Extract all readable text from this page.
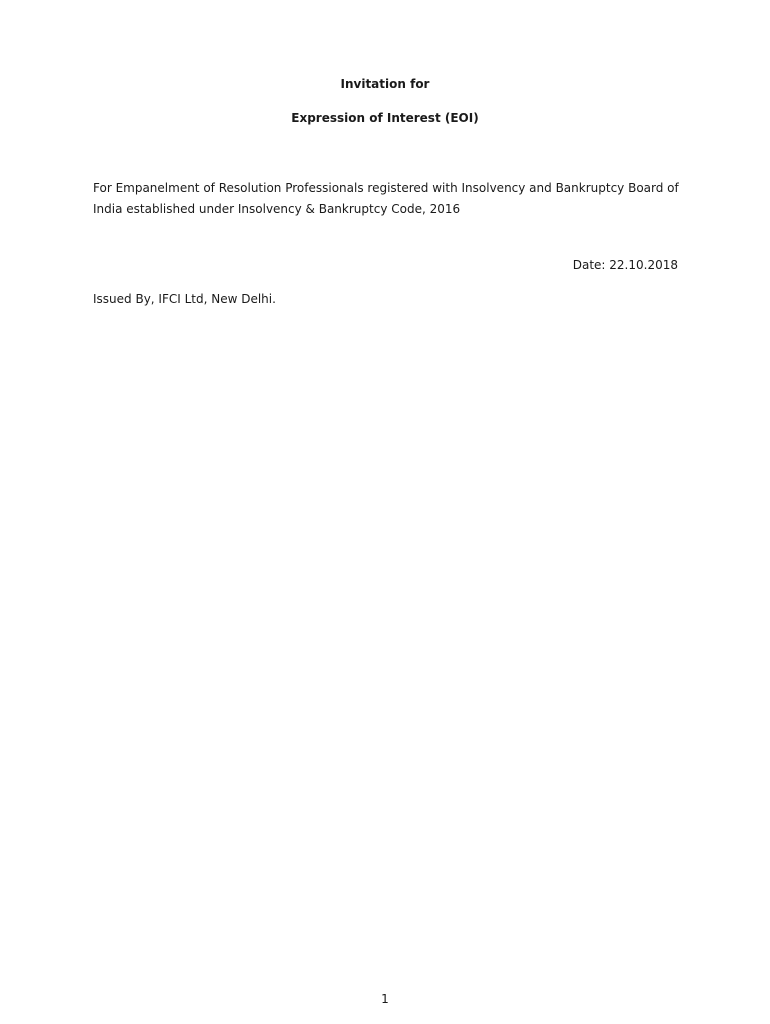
Invitation for
Expression of Interest (EOI)
For Empanelment of Resolution Professionals registered with Insolvency and Bankruptcy Board of
India established under Insolvency & Bankruptcy Code, 2016
Date: 22.10.2018
Issued By, IFCI Ltd, New Delhi.
1
